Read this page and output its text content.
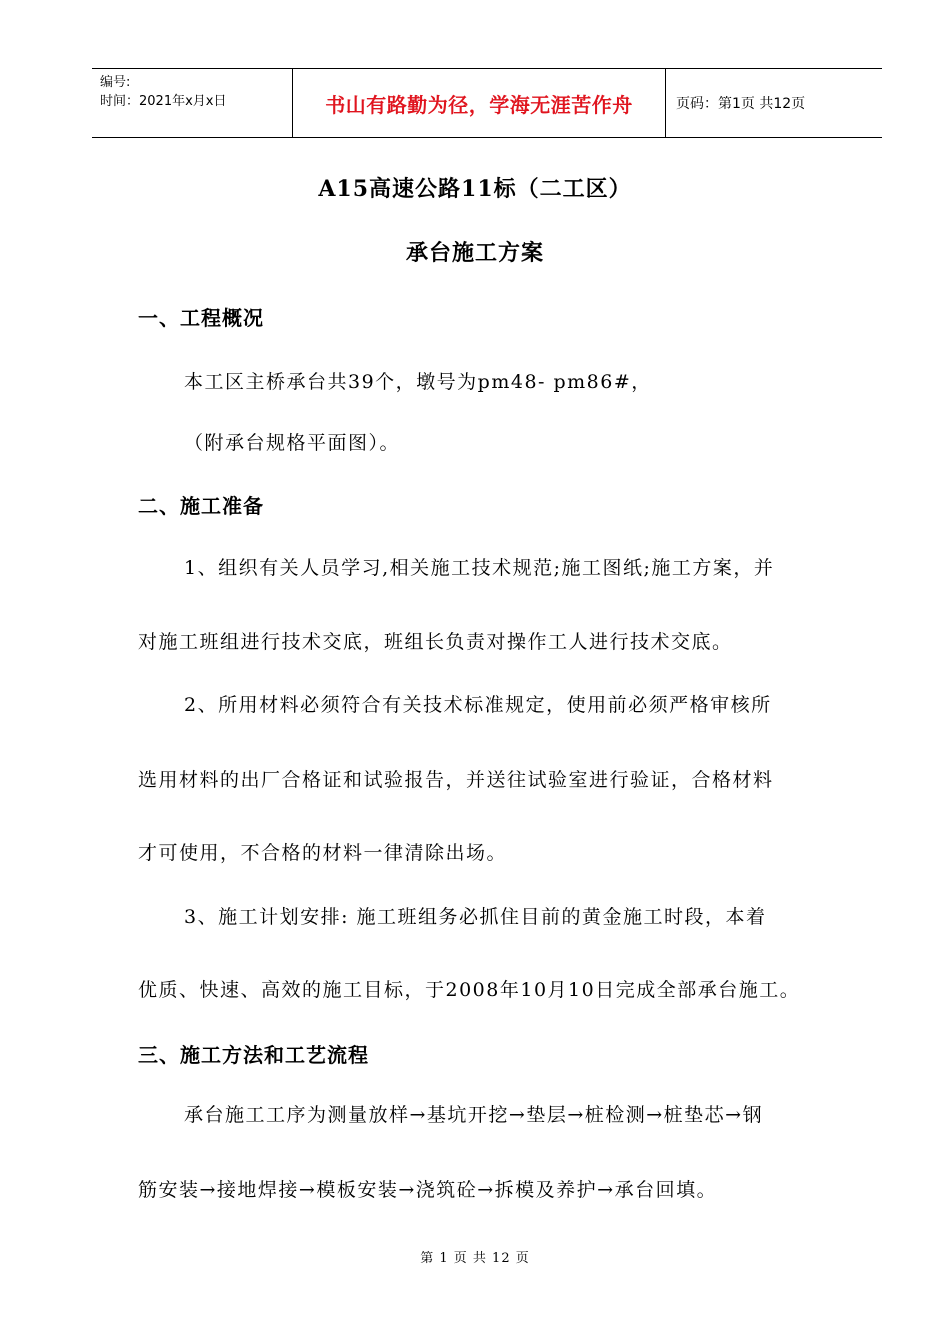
编号:
时间：2021年x月x日	书山有路勤为径，学海无涯苦作舟	页码：第1页 共12页
A15高速公路11标（二工区）
承台施工方案
一、工程概况
本工区主桥承台共39个，墩号为pm48- pm86#，
（附承台规格平面图）。
二、施工准备
1、组织有关人员学习,相关施工技术规范;施工图纸;施工方案，并
对施工班组进行技术交底，班组长负责对操作工人进行技术交底。
2、所用材料必须符合有关技术标准规定，使用前必须严格审核所
选用材料的出厂合格证和试验报告，并送往试验室进行验证，合格材料
才可使用，不合格的材料一律清除出场。
3、施工计划安排: 施工班组务必抓住目前的黄金施工时段，本着
优质、快速、高效的施工目标，于2008年10月10日完成全部承台施工。
三、施工方法和工艺流程
承台施工工序为测量放样→基坑开挖→垫层→桩检测→桩垫芯→钢
筋安装→接地焊接→模板安装→浇筑砼→拆模及养护→承台回填。
第 1 页 共 12 页
